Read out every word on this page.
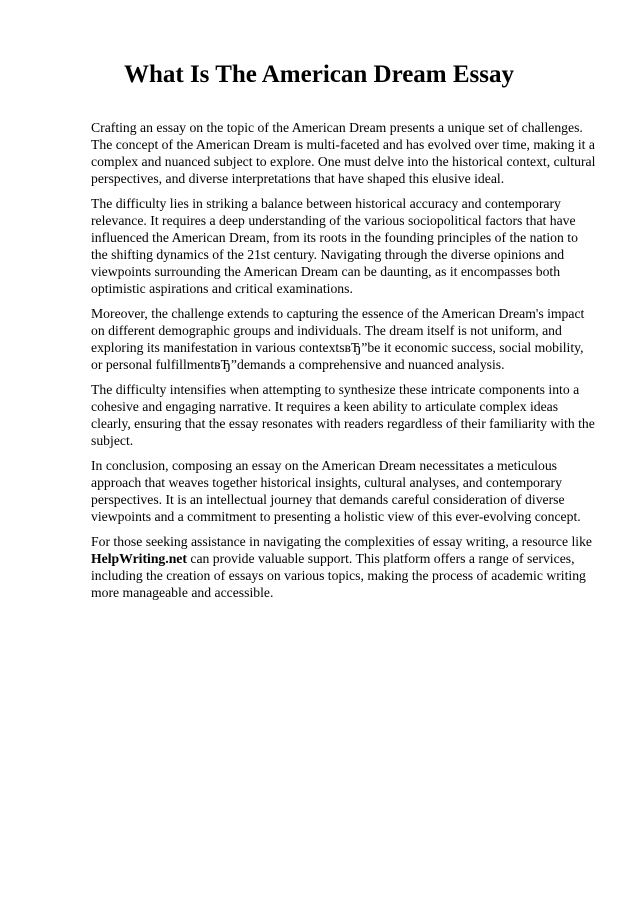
What Is The American Dream Essay

Crafting an essay on the topic of the American Dream presents a unique set of challenges. The concept of the American Dream is multi-faceted and has evolved over time, making it a complex and nuanced subject to explore. One must delve into the historical context, cultural perspectives, and diverse interpretations that have shaped this elusive ideal.

The difficulty lies in striking a balance between historical accuracy and contemporary relevance. It requires a deep understanding of the various sociopolitical factors that have influenced the American Dream, from its roots in the founding principles of the nation to the shifting dynamics of the 21st century. Navigating through the diverse opinions and viewpoints surrounding the American Dream can be daunting, as it encompasses both optimistic aspirations and critical examinations.

Moreover, the challenge extends to capturing the essence of the American Dream's impact on different demographic groups and individuals. The dream itself is not uniform, and exploring its manifestation in various contextsвЂ”be it economic success, social mobility, or personal fulfillmentвЂ”demands a comprehensive and nuanced analysis.

The difficulty intensifies when attempting to synthesize these intricate components into a cohesive and engaging narrative. It requires a keen ability to articulate complex ideas clearly, ensuring that the essay resonates with readers regardless of their familiarity with the subject.

In conclusion, composing an essay on the American Dream necessitates a meticulous approach that weaves together historical insights, cultural analyses, and contemporary perspectives. It is an intellectual journey that demands careful consideration of diverse viewpoints and a commitment to presenting a holistic view of this ever-evolving concept.

For those seeking assistance in navigating the complexities of essay writing, a resource like HelpWriting.net can provide valuable support. This platform offers a range of services, including the creation of essays on various topics, making the process of academic writing more manageable and accessible.
